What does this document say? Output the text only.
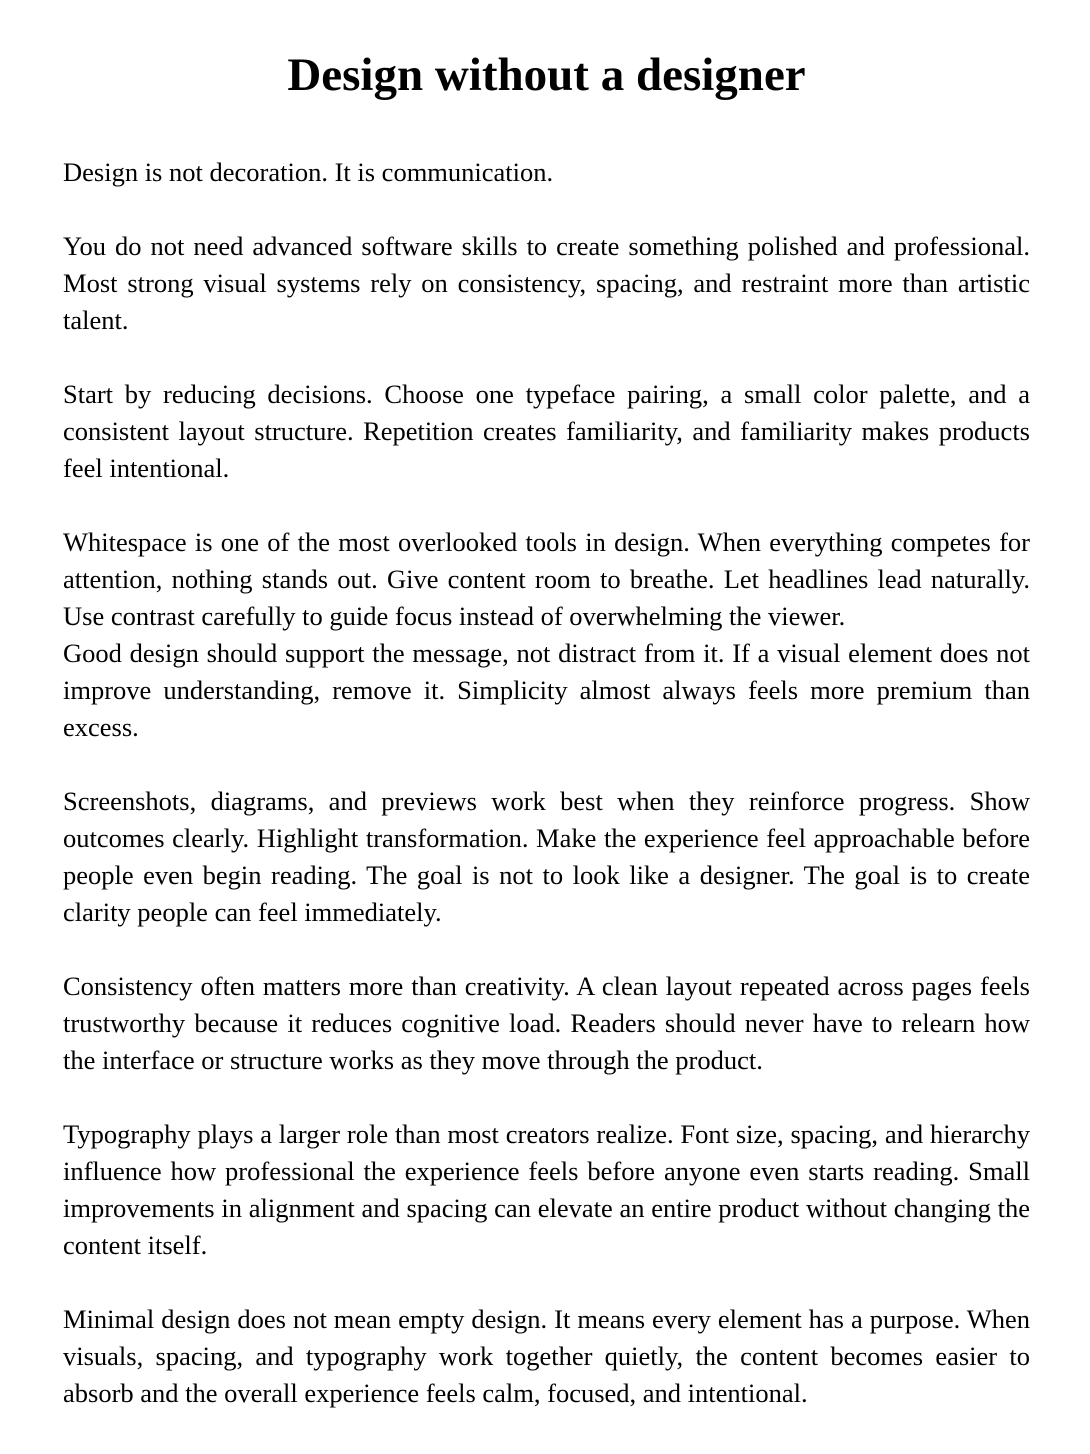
Design without a designer

Design is not decoration. It is communication.

You do not need advanced software skills to create something polished and professional. Most strong visual systems rely on consistency, spacing, and restraint more than artistic talent.

Start by reducing decisions. Choose one typeface pairing, a small color palette, and a consistent layout structure. Repetition creates familiarity, and familiarity makes products feel intentional.

Whitespace is one of the most overlooked tools in design. When everything competes for attention, nothing stands out. Give content room to breathe. Let headlines lead naturally. Use contrast carefully to guide focus instead of overwhelming the viewer.

Good design should support the message, not distract from it. If a visual element does not improve understanding, remove it. Simplicity almost always feels more premium than excess.

Screenshots, diagrams, and previews work best when they reinforce progress. Show outcomes clearly. Highlight transformation. Make the experience feel approachable before people even begin reading. The goal is not to look like a designer. The goal is to create clarity people can feel immediately.

Consistency often matters more than creativity. A clean layout repeated across pages feels trustworthy because it reduces cognitive load. Readers should never have to relearn how the interface or structure works as they move through the product.

Typography plays a larger role than most creators realize. Font size, spacing, and hierarchy influence how professional the experience feels before anyone even starts reading. Small improvements in alignment and spacing can elevate an entire product without changing the content itself.

Minimal design does not mean empty design. It means every element has a purpose. When visuals, spacing, and typography work together quietly, the content becomes easier to absorb and the overall experience feels calm, focused, and intentional.
